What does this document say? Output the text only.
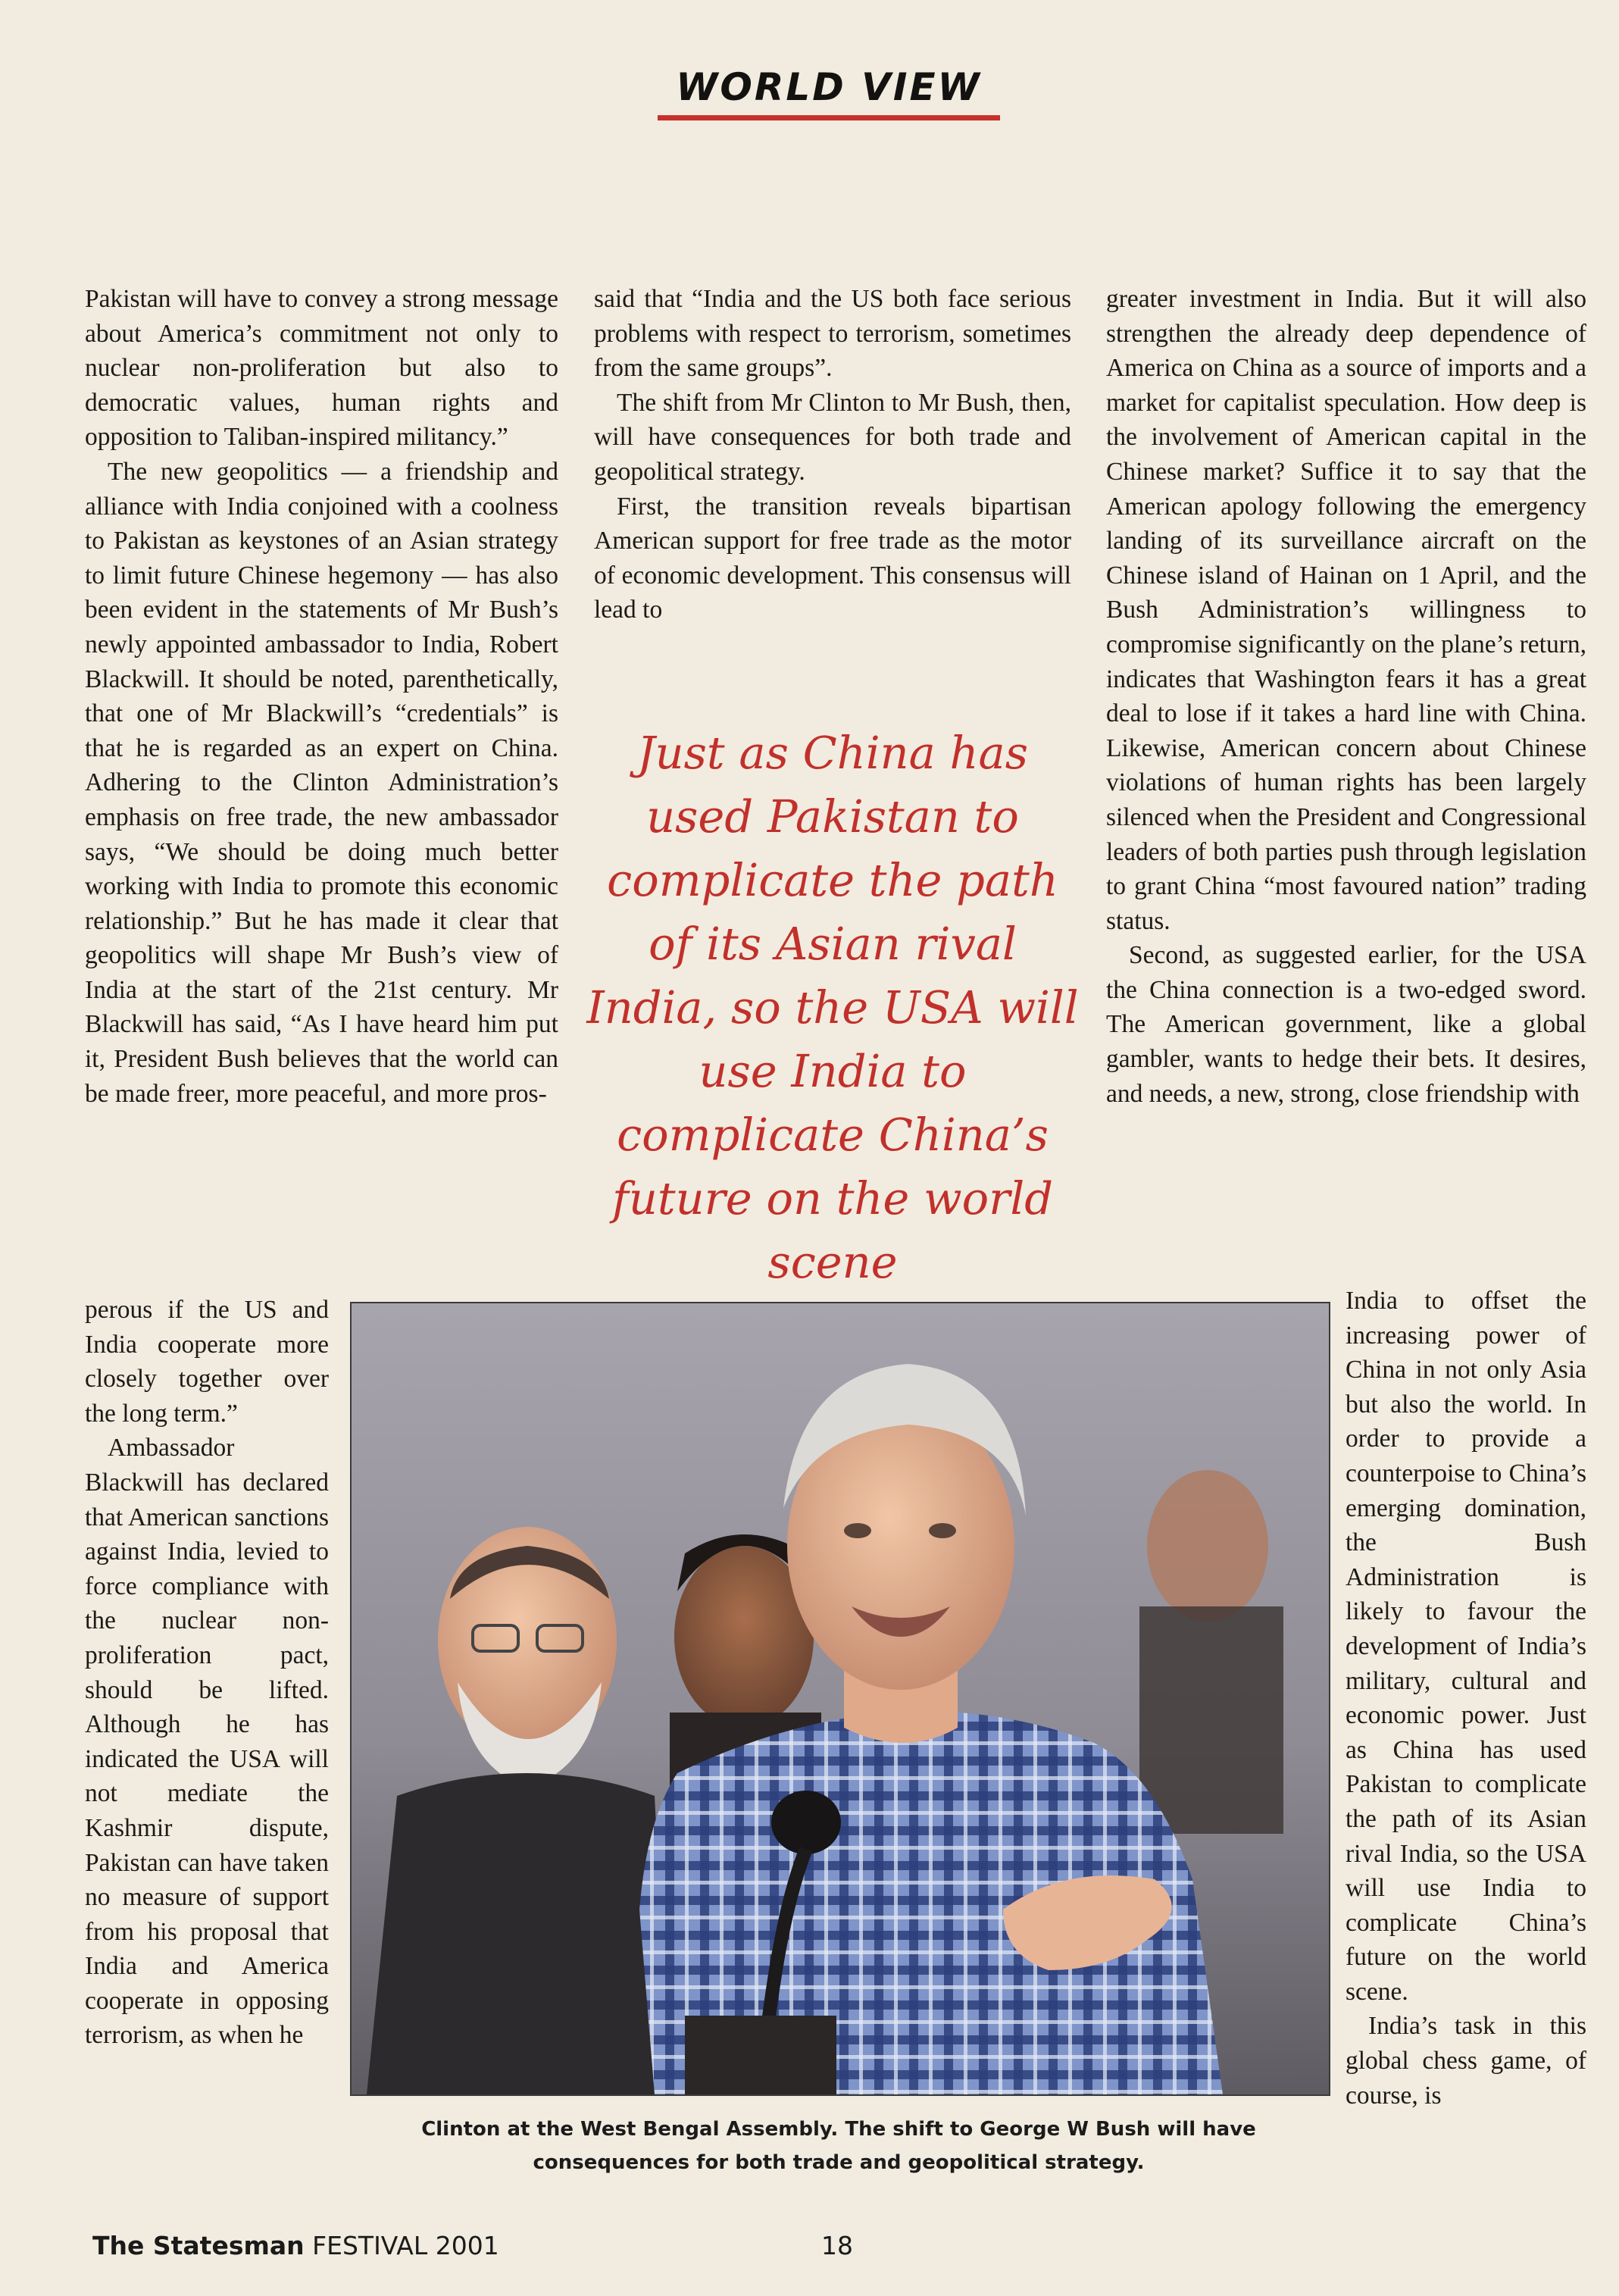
WORLD VIEW

Pakistan will have to convey a strong message about America’s commitment not only to nuclear non-proliferation but also to democratic values, human rights and opposition to Taliban-inspired militancy.”

The new geopolitics — a friendship and alliance with India conjoined with a coolness to Pakistan as keystones of an Asian strategy to limit future Chinese hegemony — has also been evident in the statements of Mr Bush’s newly appointed ambassador to India, Robert Blackwill. It should be noted, parenthetically, that one of Mr Blackwill’s “credentials” is that he is regarded as an expert on China. Adhering to the Clinton Administration’s emphasis on free trade, the new ambassador says, “We should be doing much better working with India to promote this economic relationship.” But he has made it clear that geopolitics will shape Mr Bush’s view of India at the start of the 21st century. Mr Blackwill has said, “As I have heard him put it, President Bush believes that the world can be made freer, more peaceful, and more pros-

perous if the US and India cooperate more closely together over the long term.”

Ambassador Blackwill has declared that American sanctions against India, levied to force compliance with the nuclear non-proliferation pact, should be lifted. Although he has indicated the USA will not mediate the Kashmir dispute, Pakistan can have taken no measure of support from his proposal that India and America cooperate in opposing terrorism, as when he

said that “India and the US both face serious problems with respect to terrorism, sometimes from the same groups”.

The shift from Mr Clinton to Mr Bush, then, will have consequences for both trade and geopolitical strategy.

First, the transition reveals bipartisan American support for free trade as the motor of economic development. This consensus will lead to

Just as China has used Pakistan to complicate the path of its Asian rival India, so the USA will use India to complicate China’s future on the world scene

greater investment in India. But it will also strengthen the already deep dependence of America on China as a source of imports and a market for capitalist speculation. How deep is the involvement of American capital in the Chinese market? Suffice it to say that the American apology following the emergency landing of its surveillance aircraft on the Chinese island of Hainan on 1 April, and the Bush Administration’s willingness to compromise significantly on the plane’s return, indicates that Washington fears it has a great deal to lose if it takes a hard line with China. Likewise, American concern about Chinese violations of human rights has been largely silenced when the President and Congressional leaders of both parties push through legislation to grant China “most favoured nation” trading status.

Second, as suggested earlier, for the USA the China connection is a two-edged sword. The American government, like a global gambler, wants to hedge their bets. It desires, and needs, a new, strong, close friendship with

India to offset the increasing power of China in not only Asia but also the world. In order to provide a counterpoise to China’s emerging domination, the Bush Administration is likely to favour the development of India’s military, cultural and economic power. Just as China has used Pakistan to complicate the path of its Asian rival India, so the USA will use India to complicate China’s future on the world scene.

India’s task in this global chess game, of course, is

Clinton at the West Bengal Assembly. The shift to George W Bush will have consequences for both trade and geopolitical strategy.
The Statesman FESTIVAL 2001	18
